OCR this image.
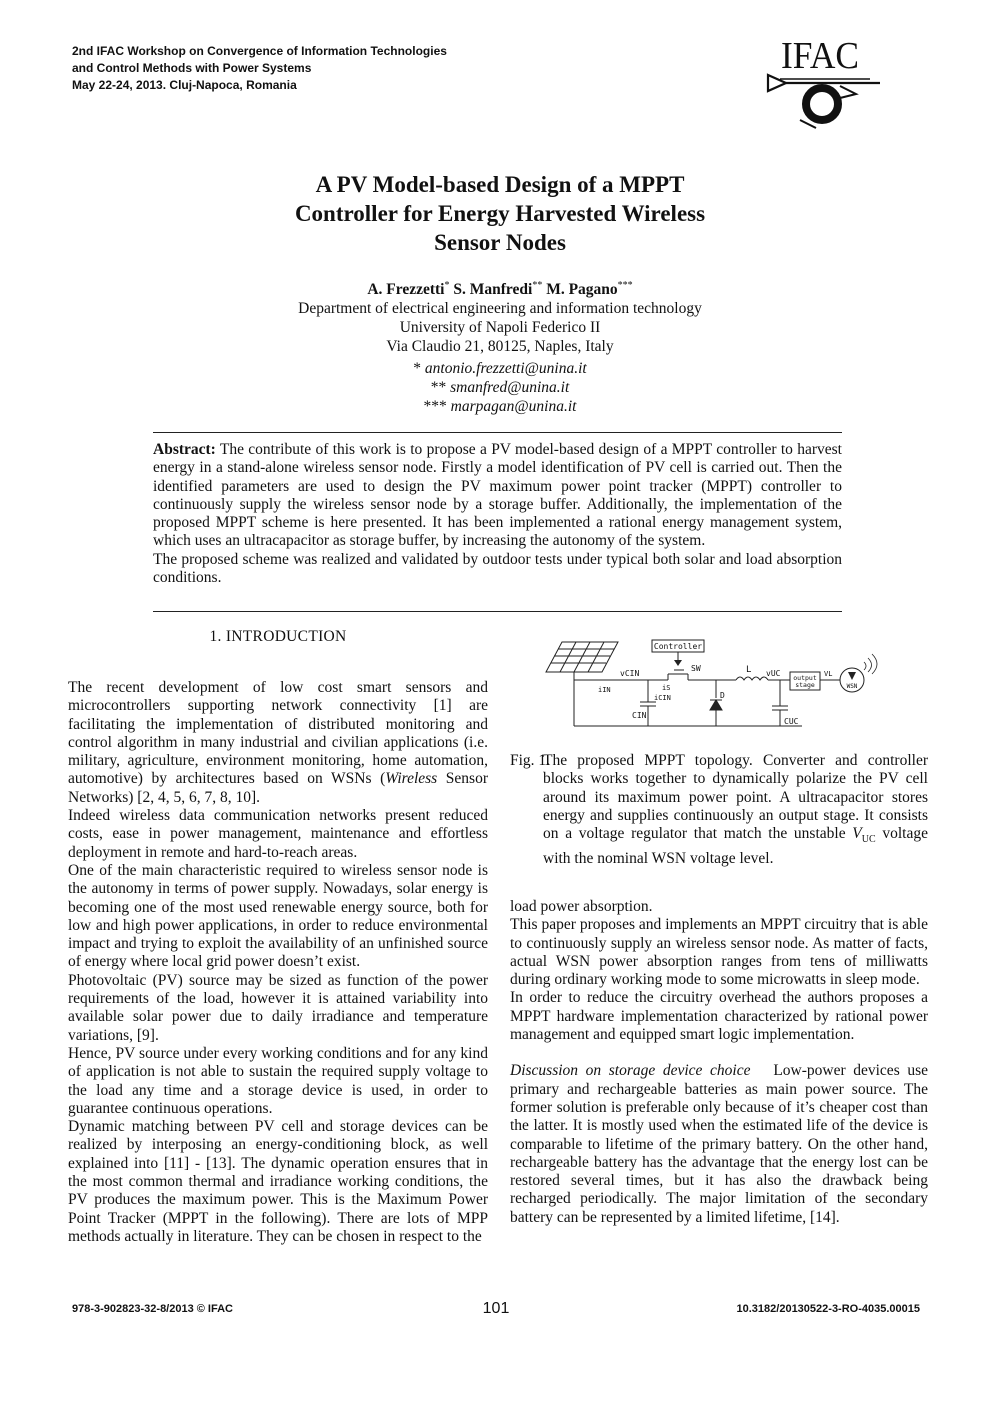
2nd IFAC Workshop on Convergence of Information Technologies
and Control Methods with Power Systems
May 22-24, 2013. Cluj-Napoca, Romania
IFAC
A PV Model-based Design of a MPPT
Controller for Energy Harvested Wireless
Sensor Nodes
A. Frezzetti* S. Manfredi** M. Pagano***
Department of electrical engineering and information technology
University of Napoli Federico II
Via Claudio 21, 80125, Naples, Italy
* antonio.frezzetti@unina.it
** smanfred@unina.it
*** marpagan@unina.it

Abstract: The contribute of this work is to propose a PV model-based design of a MPPT controller to harvest energy in a stand-alone wireless sensor node. Firstly a model identification of PV cell is carried out. Then the identified parameters are used to design the PV maximum power point tracker (MPPT) controller to continuously supply the wireless sensor node by a storage buffer. Additionally, the implementation of the proposed MPPT scheme is here presented. It has been implemented a rational energy management system, which uses an ultracapacitor as storage buffer, by increasing the autonomy of the system.

The proposed scheme was realized and validated by outdoor tests under typical both solar and load absorption conditions.

1. INTRODUCTION

The recent development of low cost smart sensors and microcontrollers supporting network connectivity [1] are facilitating the implementation of distributed monitoring and control algorithm in many industrial and civilian applications (i.e. military, agriculture, environment monitoring, home automation, automotive) by architectures based on WSNs (Wireless Sensor Networks) [2, 4, 5, 6, 7, 8, 10].

Indeed wireless data communication networks present reduced costs, ease in power management, maintenance and effortless deployment in remote and hard-to-reach areas.

One of the main characteristic required to wireless sensor node is the autonomy in terms of power supply. Nowadays, solar energy is becoming one of the most used renewable energy source, both for low and high power applications, in order to reduce environmental impact and trying to exploit the availability of an unfinished source of energy where local grid power doesn’t exist.

Photovoltaic (PV) source may be sized as function of the power requirements of the load, however it is attained variability into available solar power due to daily irradiance and temperature variations, [9].

Hence, PV source under every working conditions and for any kind of application is not able to sustain the required supply voltage to the load any time and a storage device is used, in order to guarantee continuous operations.

Dynamic matching between PV cell and storage devices can be realized by interposing an energy-conditioning block, as well explained into [11] - [13]. The dynamic operation ensures that in the most common thermal and irradiance working conditions, the PV produces the maximum power. This is the Maximum Power Point Tracker (MPPT in the following). There are lots of MPP methods actually in literature. They can be chosen in respect to the

Controller
SW
D
L
output
stage
VL
WSN
vCIN
iIN	iS
iCIN
CIN
vUC
CUC
Fig. 1.
The proposed MPPT topology. Converter and controller blocks works together to dynamically polarize the PV cell around its maximum power point. A ultracapacitor stores energy and supplies continuously an output stage. It consists on a voltage regulator that match the unstable $V_{UC}$ voltage with the nominal WSN voltage level.

load power absorption.

This paper proposes and implements an MPPT circuitry that is able to continuously supply an wireless sensor node. As matter of facts, actual WSN power absorption ranges from tens of milliwatts during ordinary working mode to some microwatts in sleep mode.

In order to reduce the circuitry overhead the authors proposes a MPPT hardware implementation characterized by rational power management and equipped smart logic implementation.

Discussion on storage device choice Low-power devices use primary and rechargeable batteries as main power source. The former solution is preferable only because of it’s cheaper cost than the latter. It is mostly used when the estimated life of the device is comparable to lifetime of the primary battery. On the other hand, rechargeable battery has the advantage that the energy lost can be restored several times, but it has also the drawback being recharged periodically. The major limitation of the secondary battery can be represented by a limited lifetime, [14].

978-3-902823-32-8/2013 © IFAC	101	10.3182/20130522-3-RO-4035.00015
